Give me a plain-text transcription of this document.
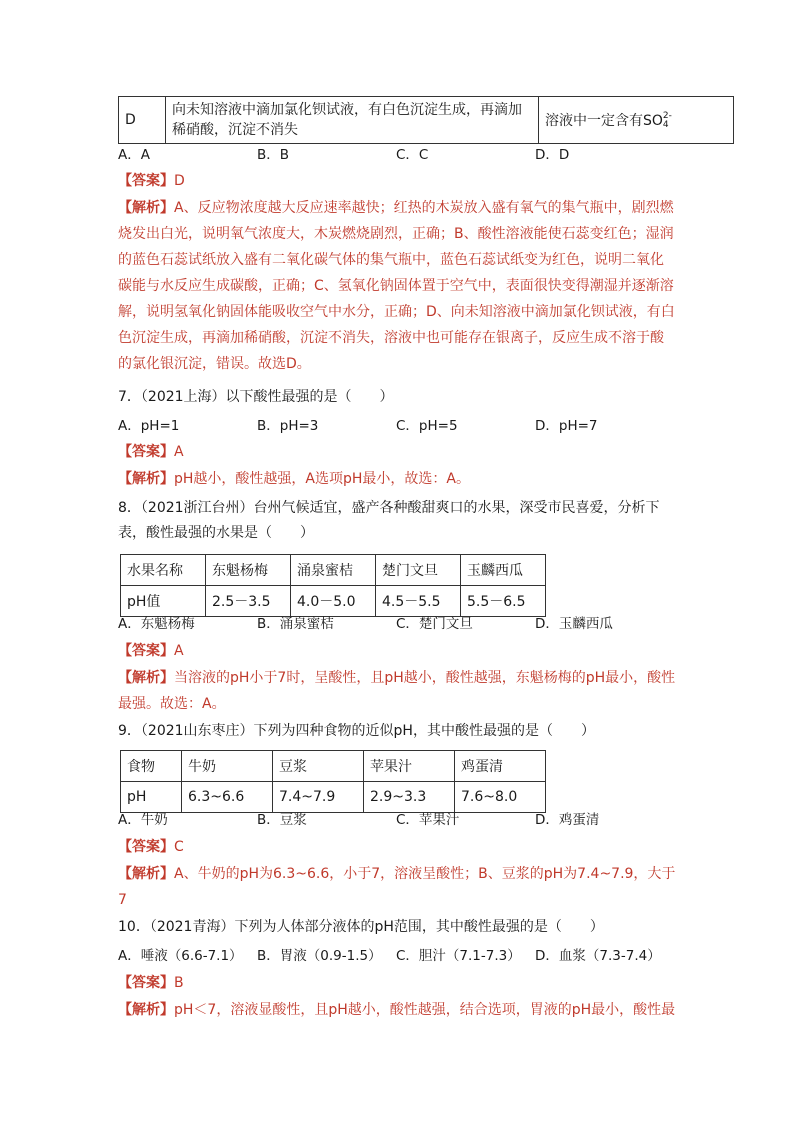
D	向未知溶液中滴加氯化钡试液，有白色沉淀生成，再滴加稀硝酸，沉淀不消失	溶液中一定含有SO 2-
4
A．A	B．B	C．C	D．D
【答案】D
【解析】A、反应物浓度越大反应速率越快；红热的木炭放入盛有氧气的集气瓶中，剧烈燃烧发出白光，说明氧气浓度大，木炭燃烧剧烈，正确；B、酸性溶液能使石蕊变红色；湿润的蓝色石蕊试纸放入盛有二氧化碳气体的集气瓶中，蓝色石蕊试纸变为红色，说明二氧化碳能与水反应生成碳酸，正确；C、氢氧化钠固体置于空气中，表面很快变得潮湿并逐渐溶解，说明氢氧化钠固体能吸收空气中水分，正确；D、向未知溶液中滴加氯化钡试液，有白色沉淀生成，再滴加稀硝酸，沉淀不消失，溶液中也可能存在银离子，反应生成不溶于酸的氯化银沉淀，错误。故选D。
7．（2021上海）以下酸性最强的是（　　）
A．pH=1	B．pH=3	C．pH=5	D．pH=7
【答案】A
【解析】pH越小，酸性越强，A选项pH最小，故选：A。
8．（2021浙江台州）台州气候适宜，盛产各种酸甜爽口的水果，深受市民喜爱，分析下
表，酸性最强的水果是（　　）
水果名称	东魁杨梅	涌泉蜜桔	楚门文旦	玉麟西瓜
pH值	2.5－3.5	4.0－5.0	4.5－5.5	5.5－6.5
A．东魁杨梅	B．涌泉蜜桔	C．楚门文旦	D．玉麟西瓜
【答案】A
【解析】当溶液的pH小于7时，呈酸性，且pH越小，酸性越强，东魁杨梅的pH最小，酸性最强。故选：A。
9．（2021山东枣庄）下列为四种食物的近似pH，其中酸性最强的是（　　）
食物	牛奶	豆浆	苹果汁	鸡蛋清
pH	6.3~6.6	7.4~7.9	2.9~3.3	7.6~8.0
A．牛奶	B．豆浆	C．苹果汁	D．鸡蛋清
【答案】C
【解析】A、牛奶的pH为6.3~6.6，小于7，溶液呈酸性；B、豆浆的pH为7.4~7.9，大于7
10．（2021青海）下列为人体部分液体的pH范围，其中酸性最强的是（　　）
A．唾液（6.6-7.1） B．胃液（0.9-1.5） C．胆汁（7.1-7.3） D．血浆（7.3-7.4）
【答案】B
【解析】pH＜7，溶液显酸性，且pH越小，酸性越强，结合选项，胃液的pH最小，酸性最
